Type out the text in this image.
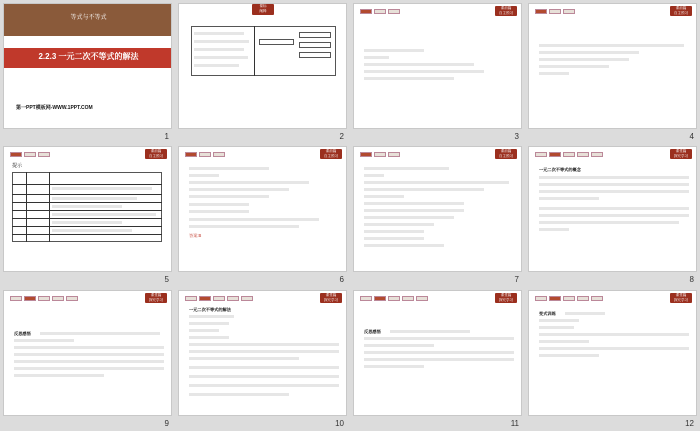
等式与不等式
2.2.3 一元二次不等式的解法
第一PPT模板网-WWW.1PPT.COM
1
课标
阐释
2
课前篇
自主预习
3
课前篇
自主预习
4
课前篇
自主预习
提示
5
课前篇
自主预习
答案:B
6
课前篇
自主预习
7
课堂篇
探究学习
一元二次不等式的概念
8
课堂篇
探究学习
反思感悟
9
课堂篇
探究学习
一元二次不等式的解法
10
课堂篇
探究学习
反思感悟
11
课堂篇
探究学习
变式训练
12
